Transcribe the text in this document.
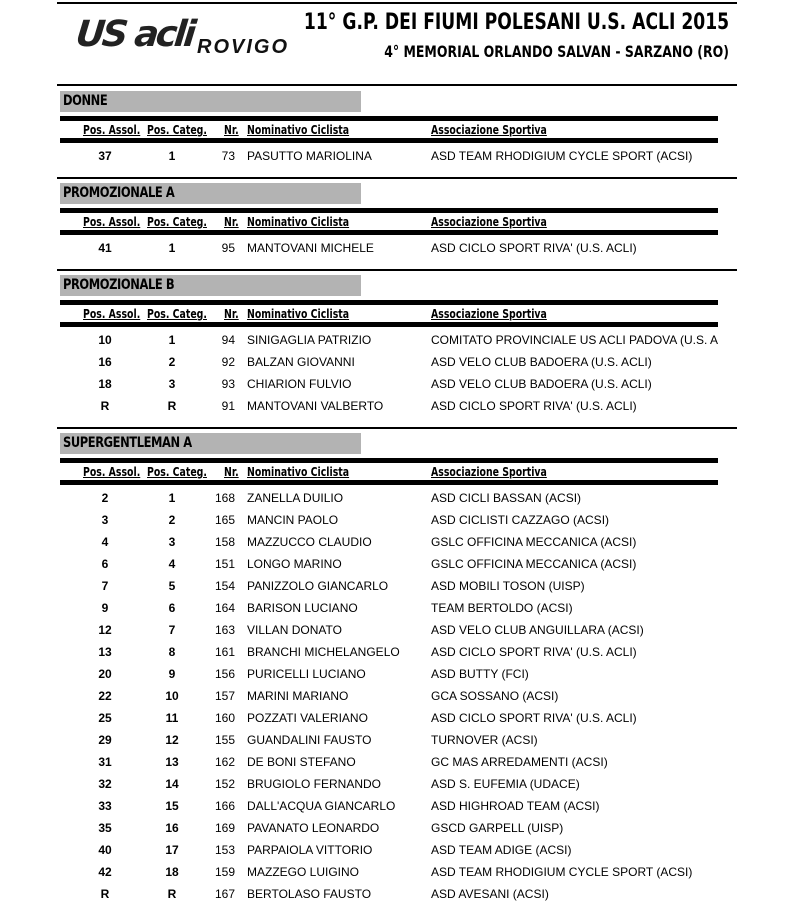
US acli ROVIGO
11° G.P. DEI FIUMI POLESANI U.S. ACLI 2015
4° MEMORIAL ORLANDO SALVAN - SARZANO (RO)
DONNE
Pos. Assol. Pos. Categ. Nr. Nominativo Ciclista	Associazione Sportiva
37	1	73 PASUTTO MARIOLINA	ASD TEAM RHODIGIUM CYCLE SPORT (ACSI)
PROMOZIONALE A
Pos. Assol. Pos. Categ. Nr. Nominativo Ciclista	Associazione Sportiva
41	1	95 MANTOVANI MICHELE	ASD CICLO SPORT RIVA' (U.S. ACLI)
PROMOZIONALE B
Pos. Assol. Pos. Categ. Nr. Nominativo Ciclista	Associazione Sportiva
10	1	94 SINIGAGLIA PATRIZIO	COMITATO PROVINCIALE US ACLI PADOVA (U.S. A
16	2	92 BALZAN GIOVANNI	ASD VELO CLUB BADOERA (U.S. ACLI)
18	3	93 CHIARION FULVIO	ASD VELO CLUB BADOERA (U.S. ACLI)
R	R	91 MANTOVANI VALBERTO	ASD CICLO SPORT RIVA' (U.S. ACLI)
SUPERGENTLEMAN A
Pos. Assol. Pos. Categ. Nr. Nominativo Ciclista	Associazione Sportiva
2	1	168 ZANELLA DUILIO	ASD CICLI BASSAN (ACSI)
3	2	165 MANCIN PAOLO	ASD CICLISTI CAZZAGO (ACSI)
4	3	158 MAZZUCCO CLAUDIO	GSLC OFFICINA MECCANICA (ACSI)
6	4	151 LONGO MARINO	GSLC OFFICINA MECCANICA (ACSI)
7	5	154 PANIZZOLO GIANCARLO	ASD MOBILI TOSON (UISP)
9	6	164 BARISON LUCIANO	TEAM BERTOLDO (ACSI)
12	7	163 VILLAN DONATO	ASD VELO CLUB ANGUILLARA (ACSI)
13	8	161 BRANCHI MICHELANGELO	ASD CICLO SPORT RIVA' (U.S. ACLI)
20	9	156 PURICELLI LUCIANO	ASD BUTTY (FCI)
22	10	157 MARINI MARIANO	GCA SOSSANO (ACSI)
25	11	160 POZZATI VALERIANO	ASD CICLO SPORT RIVA' (U.S. ACLI)
29	12	155 GUANDALINI FAUSTO	TURNOVER (ACSI)
31	13	162 DE BONI STEFANO	GC MAS ARREDAMENTI (ACSI)
32	14	152 BRUGIOLO FERNANDO	ASD S. EUFEMIA (UDACE)
33	15	166 DALL'ACQUA GIANCARLO	ASD HIGHROAD TEAM (ACSI)
35	16	169 PAVANATO LEONARDO	GSCD GARPELL (UISP)
40	17	153 PARPAIOLA VITTORIO	ASD TEAM ADIGE (ACSI)
42	18	159 MAZZEGO LUIGINO	ASD TEAM RHODIGIUM CYCLE SPORT (ACSI)
R	R	167 BERTOLASO FAUSTO	ASD AVESANI (ACSI)
